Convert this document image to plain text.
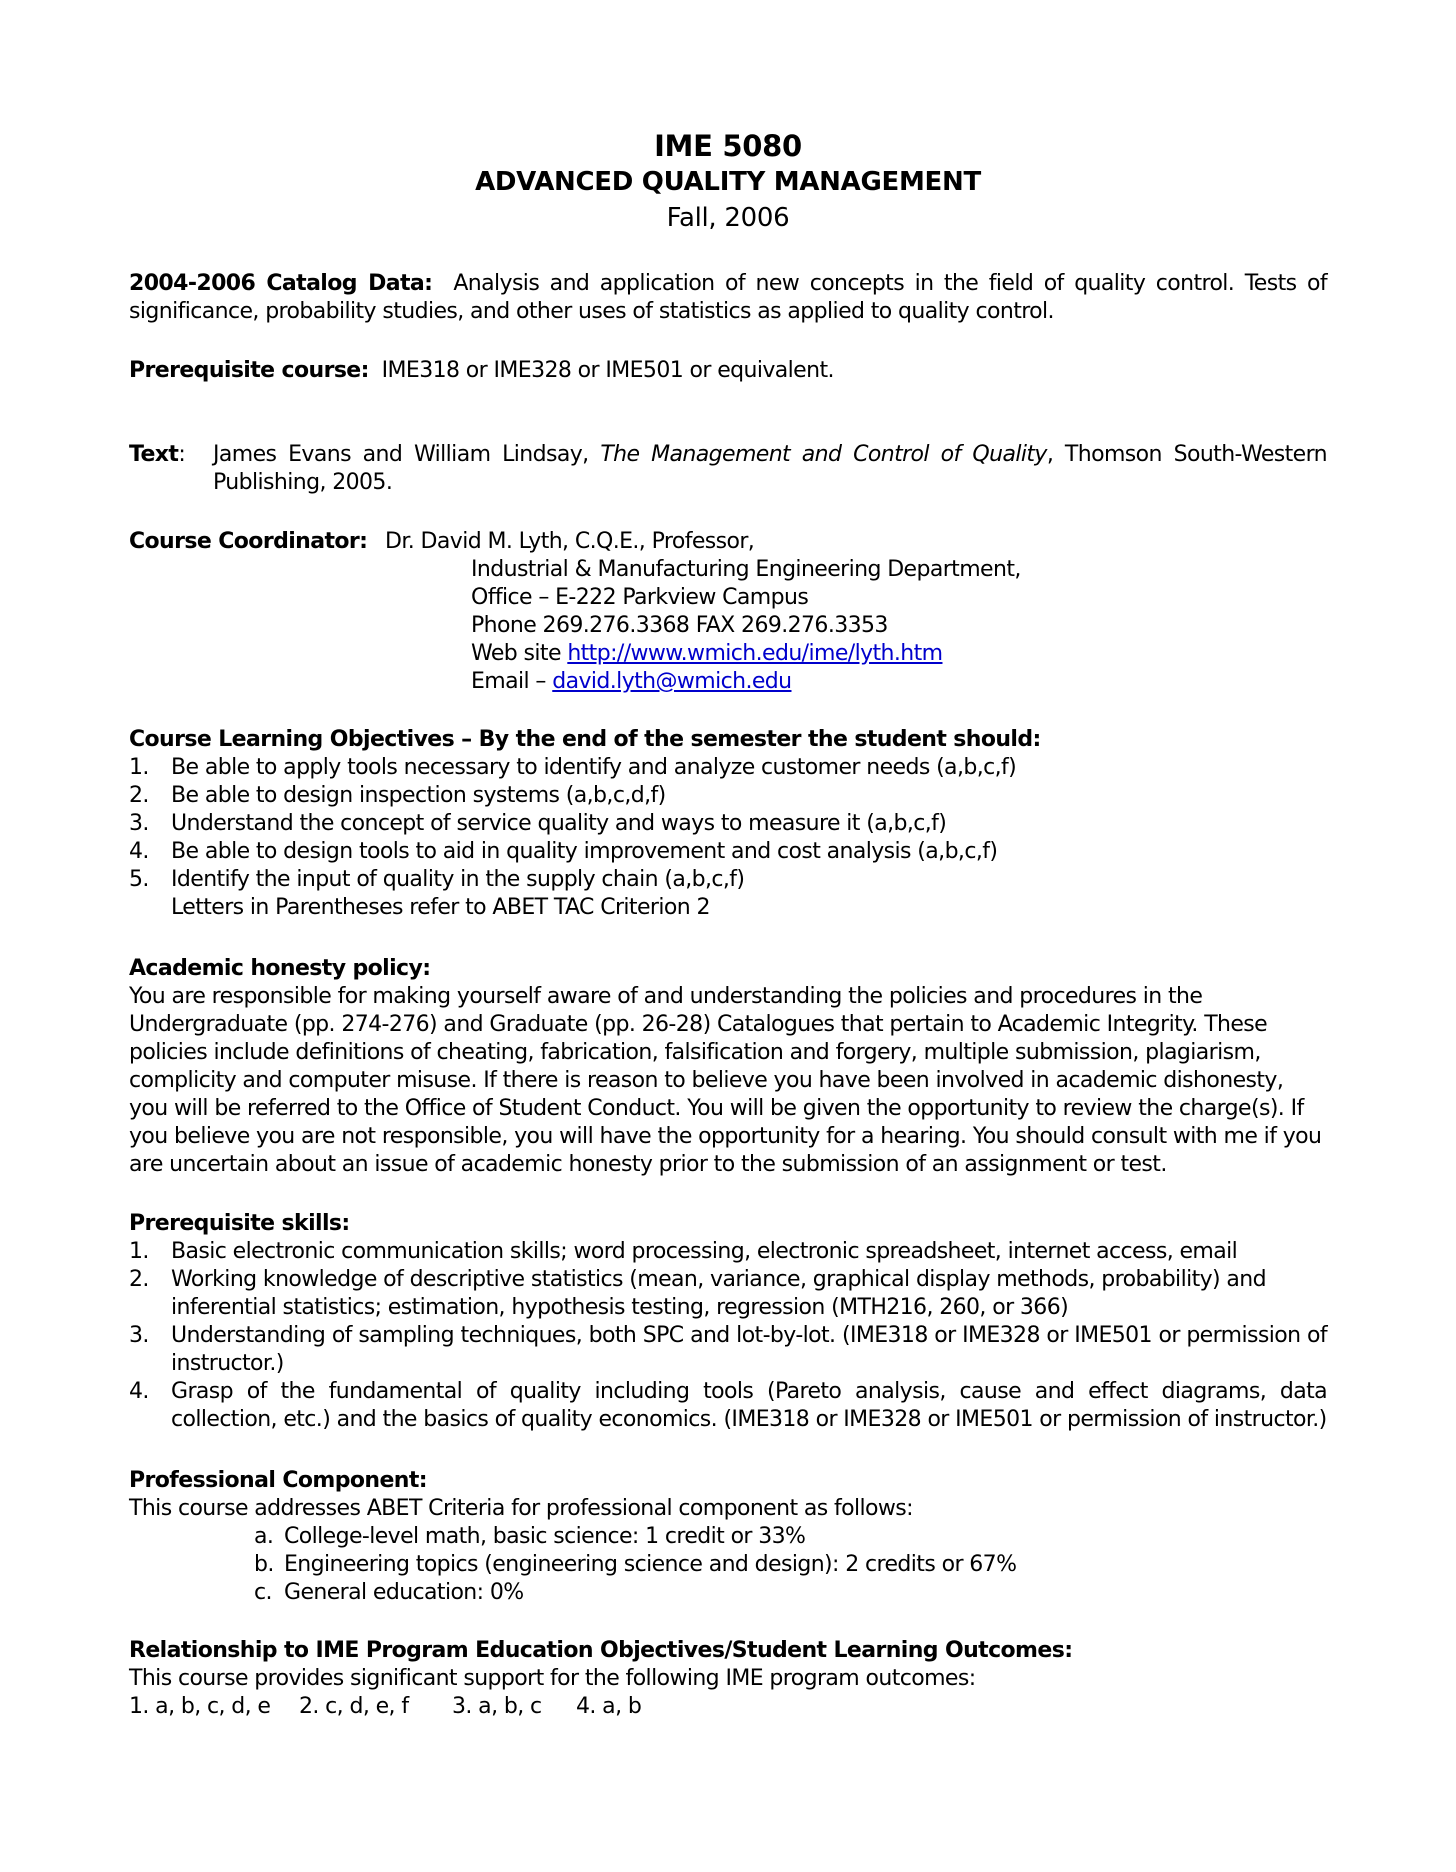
IME 5080
ADVANCED QUALITY MANAGEMENT
Fall, 2006
2004-2006 Catalog Data: Analysis and application of new concepts in the field of quality control. Tests of significance, probability studies, and other uses of statistics as applied to quality control.
Prerequisite course: IME318 or IME328 or IME501 or equivalent.
Text:	James Evans and William Lindsay, The Management and Control of Quality, Thomson South-Western Publishing, 2005.
Course Coordinator: Dr. David M. Lyth, C.Q.E., Professor,
Industrial & Manufacturing Engineering Department,
Office – E-222 Parkview Campus
Phone 269.276.3368 FAX 269.276.3353
Web site http://www.wmich.edu/ime/lyth.htm
Email – david.lyth@wmich.edu
Course Learning Objectives – By the end of the semester the student should:
1.	Be able to apply tools necessary to identify and analyze customer needs (a,b,c,f)
2.	Be able to design inspection systems (a,b,c,d,f)
3.	Understand the concept of service quality and ways to measure it (a,b,c,f)
4.	Be able to design tools to aid in quality improvement and cost analysis (a,b,c,f)
5.	Identify the input of quality in the supply chain (a,b,c,f)
Letters in Parentheses refer to ABET TAC Criterion 2
Academic honesty policy:
You are responsible for making yourself aware of and understanding the policies and procedures in the Undergraduate (pp. 274-276) and Graduate (pp. 26-28) Catalogues that pertain to Academic Integrity. These policies include definitions of cheating, fabrication, falsification and forgery, multiple submission, plagiarism, complicity and computer misuse. If there is reason to believe you have been involved in academic dishonesty, you will be referred to the Office of Student Conduct. You will be given the opportunity to review the charge(s). If you believe you are not responsible, you will have the opportunity for a hearing. You should consult with me if you are uncertain about an issue of academic honesty prior to the submission of an assignment or test.
Prerequisite skills:
1.	Basic electronic communication skills; word processing, electronic spreadsheet, internet access, email
2.	Working knowledge of descriptive statistics (mean, variance, graphical display methods, probability) and inferential statistics; estimation, hypothesis testing, regression (MTH216, 260, or 366)
3.	Understanding of sampling techniques, both SPC and lot-by-lot. (IME318 or IME328 or IME501 or permission of instructor.)
4.	Grasp of the fundamental of quality including tools (Pareto analysis, cause and effect diagrams, data collection, etc.) and the basics of quality economics. (IME318 or IME328 or IME501 or permission of instructor.)
Professional Component:
This course addresses ABET Criteria for professional component as follows:
a. College-level math, basic science: 1 credit or 33%
b. Engineering topics (engineering science and design): 2 credits or 67%
c. General education: 0%
Relationship to IME Program Education Objectives/Student Learning Outcomes:
This course provides significant support for the following IME program outcomes:
1. a, b, c, d, e 2. c, d, e, f 3. a, b, c 4. a, b
